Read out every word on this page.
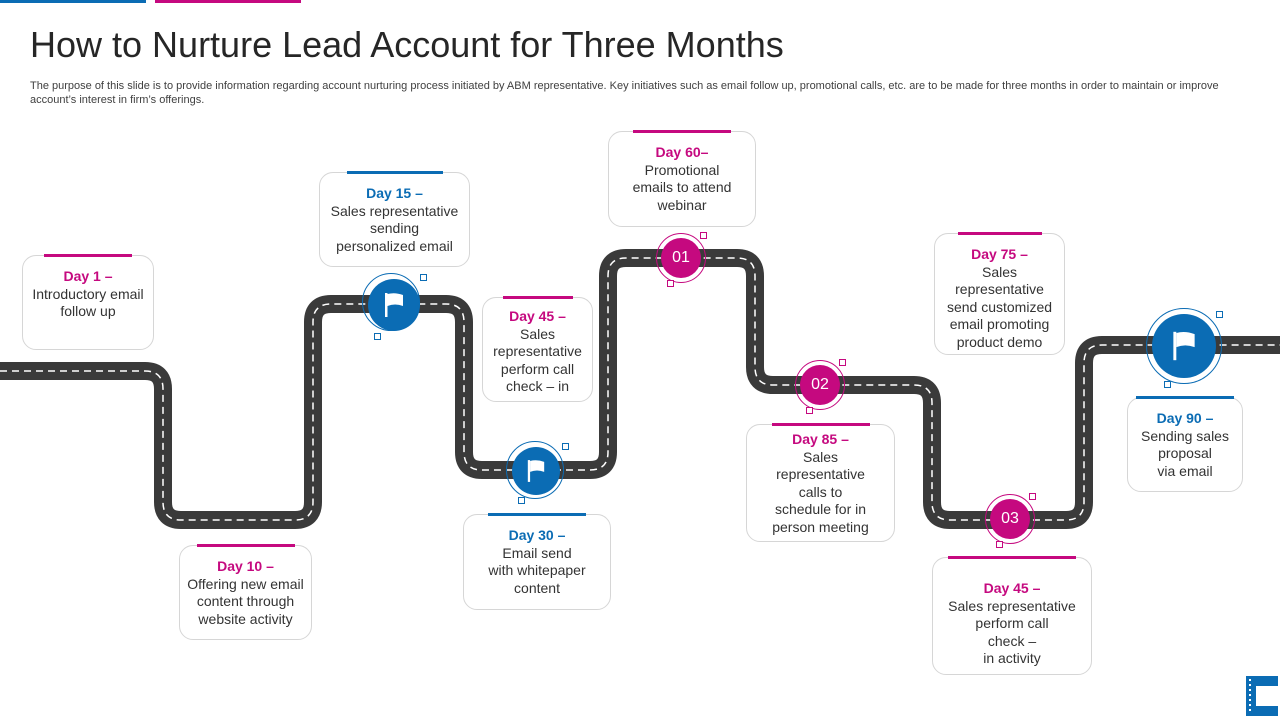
How to Nurture Lead Account for Three Months

The purpose of this slide is to provide information regarding account nurturing process initiated by ABM representative. Key initiatives such as email follow up, promotional calls, etc. are to be made for three months in order to maintain or improve account’s interest in firm’s offerings.

Day 1 –
Introductory email
follow up
Day 10 –
Offering new email
content through
website activity
Day 15 –
Sales representative
sending
personalized email
Day 45 –
Sales
representative
perform call
check – in
Day 30 –
Email send
with whitepaper
content
Day 60–
Promotional
emails to attend
webinar
Day 85 –
Sales
representative
calls to
schedule for in
person meeting
Day 75 –
Sales
representative
send customized
email promoting
product demo
Day 45 –
Sales representative
perform call
check –
in activity
Day 90 –
Sending sales
proposal
via email
01
02
03
